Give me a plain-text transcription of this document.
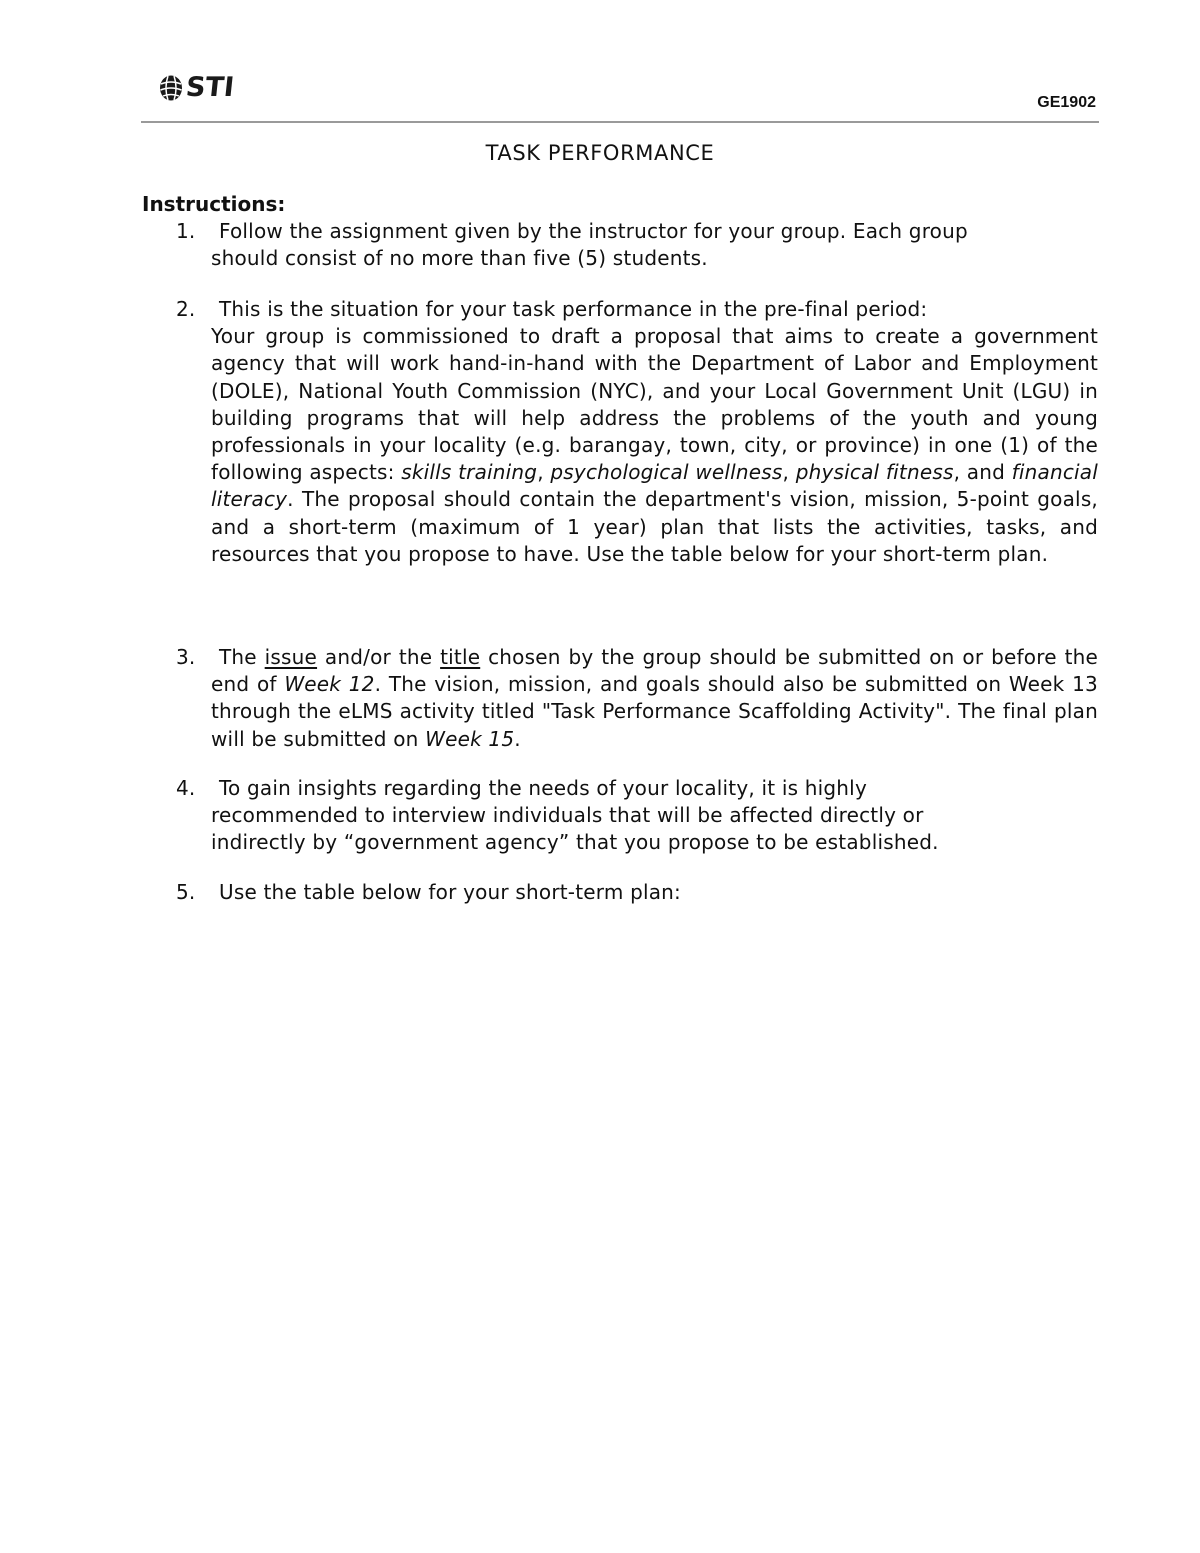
STI	GE1902
TASK PERFORMANCE
Instructions:
1. Follow the assignment given by the instructor for your group. Each group
should consist of no more than five (5) students.
2. This is the situation for your task performance in the pre-final period:
Your group is commissioned to draft a proposal that aims to create a government agency that will work hand-in-hand with the Department of Labor and Employment (DOLE), National Youth Commission (NYC), and your Local Government Unit (LGU) in building programs that will help address the problems of the youth and young professionals in your locality (e.g. barangay, town, city, or province) in one (1) of the following aspects: skills training, psychological wellness, physical fitness, and financial literacy. The proposal should contain the department's vision, mission, 5-point goals, and a short-term (maximum of 1 year) plan that lists the activities, tasks, and resources that you propose to have. Use the table below for your short-term plan.
3.	The issue and/or the title chosen by the group should be submitted on or before the end of Week 12. The vision, mission, and goals should also be submitted on Week 13 through the eLMS activity titled "Task Performance Scaffolding Activity". The final plan will be submitted on Week 15.
4. To gain insights regarding the needs of your locality, it is highly
recommended to interview individuals that will be affected directly or
indirectly by “government agency” that you propose to be established.
5. Use the table below for your short-term plan:
